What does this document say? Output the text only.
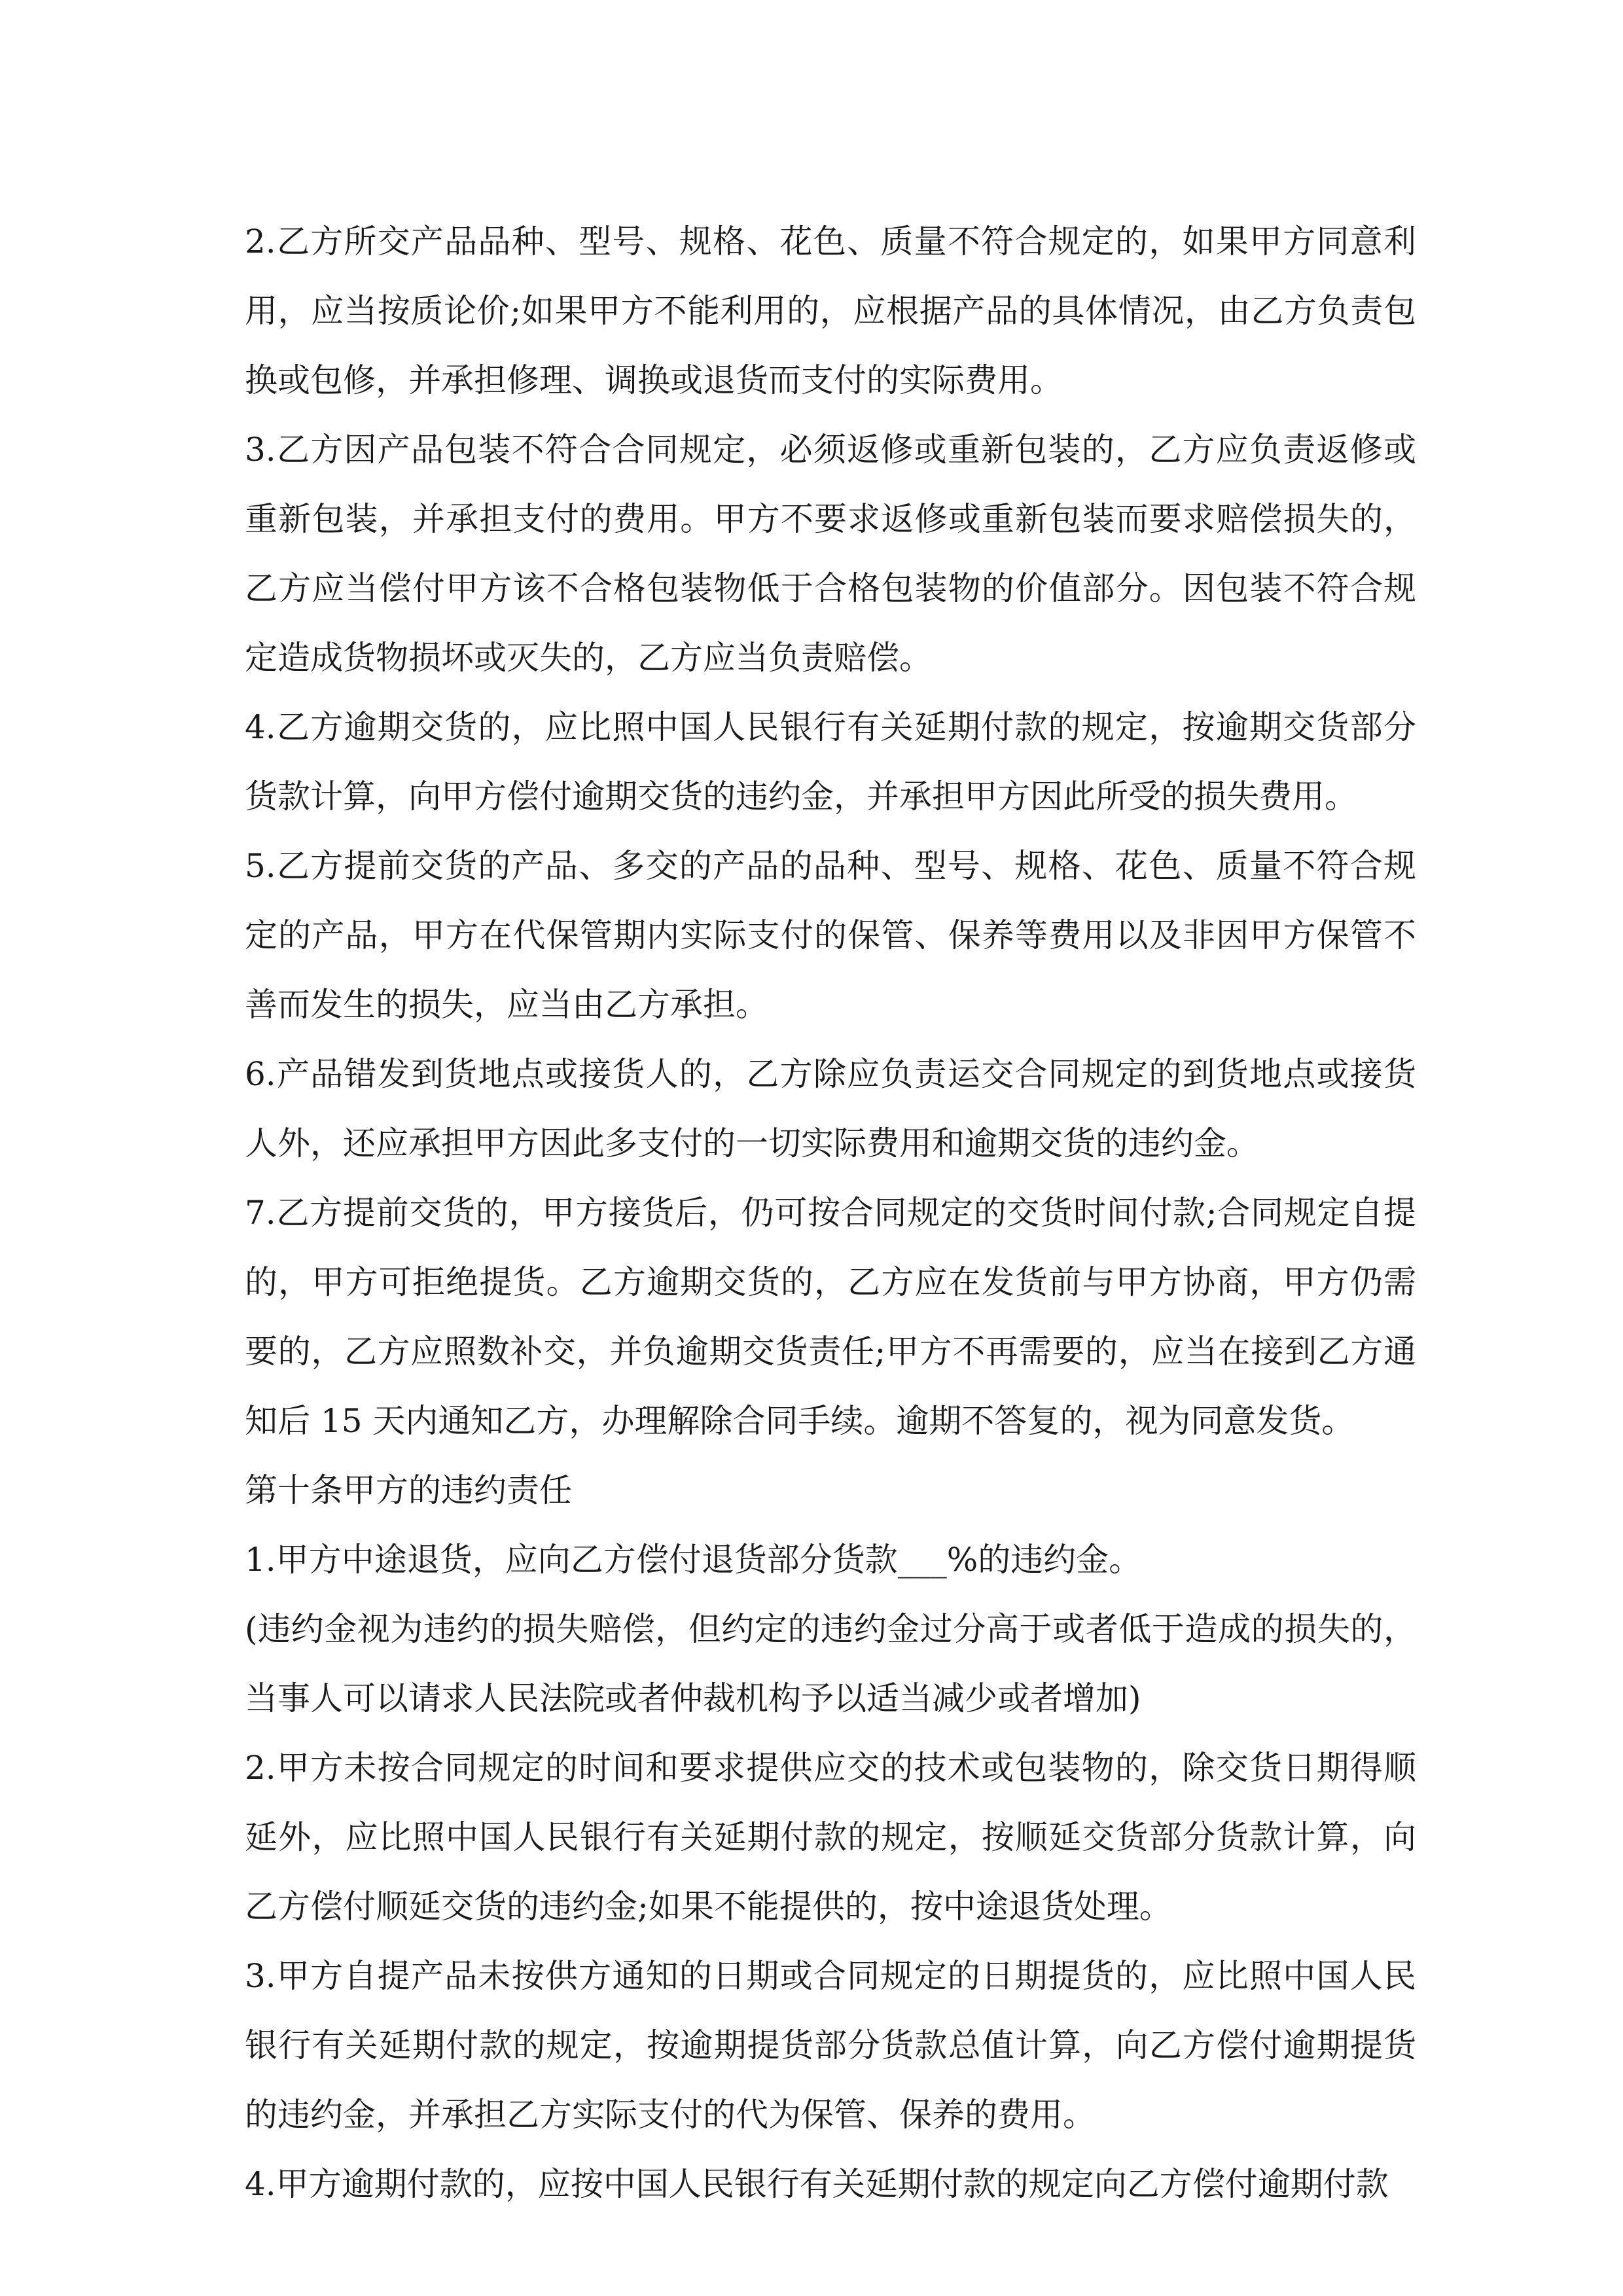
2.乙方所交产品品种、型号、规格、花色、质量不符合规定的，如果甲方同意利用，应当按质论价;如果甲方不能利用的，应根据产品的具体情况，由乙方负责包换或包修，并承担修理、调换或退货而支付的实际费用。

3.乙方因产品包装不符合合同规定，必须返修或重新包装的，乙方应负责返修或重新包装，并承担支付的费用。甲方不要求返修或重新包装而要求赔偿损失的，乙方应当偿付甲方该不合格包装物低于合格包装物的价值部分。因包装不符合规定造成货物损坏或灭失的，乙方应当负责赔偿。

4.乙方逾期交货的，应比照中国人民银行有关延期付款的规定，按逾期交货部分货款计算，向甲方偿付逾期交货的违约金，并承担甲方因此所受的损失费用。

5.乙方提前交货的产品、多交的产品的品种、型号、规格、花色、质量不符合规定的产品，甲方在代保管期内实际支付的保管、保养等费用以及非因甲方保管不善而发生的损失，应当由乙方承担。

6.产品错发到货地点或接货人的，乙方除应负责运交合同规定的到货地点或接货人外，还应承担甲方因此多支付的一切实际费用和逾期交货的违约金。

7.乙方提前交货的，甲方接货后，仍可按合同规定的交货时间付款;合同规定自提的，甲方可拒绝提货。乙方逾期交货的，乙方应在发货前与甲方协商，甲方仍需要的，乙方应照数补交，并负逾期交货责任;甲方不再需要的，应当在接到乙方通知后 15 天内通知乙方，办理解除合同手续。逾期不答复的，视为同意发货。

第十条甲方的违约责任

1.甲方中途退货，应向乙方偿付退货部分货款___%的违约金。

(违约金视为违约的损失赔偿，但约定的违约金过分高于或者低于造成的损失的，当事人可以请求人民法院或者仲裁机构予以适当减少或者增加)

2.甲方未按合同规定的时间和要求提供应交的技术或包装物的，除交货日期得顺延外，应比照中国人民银行有关延期付款的规定，按顺延交货部分货款计算，向乙方偿付顺延交货的违约金;如果不能提供的，按中途退货处理。

3.甲方自提产品未按供方通知的日期或合同规定的日期提货的，应比照中国人民银行有关延期付款的规定，按逾期提货部分货款总值计算，向乙方偿付逾期提货的违约金，并承担乙方实际支付的代为保管、保养的费用。

4.甲方逾期付款的，应按中国人民银行有关延期付款的规定向乙方偿付逾期付款
